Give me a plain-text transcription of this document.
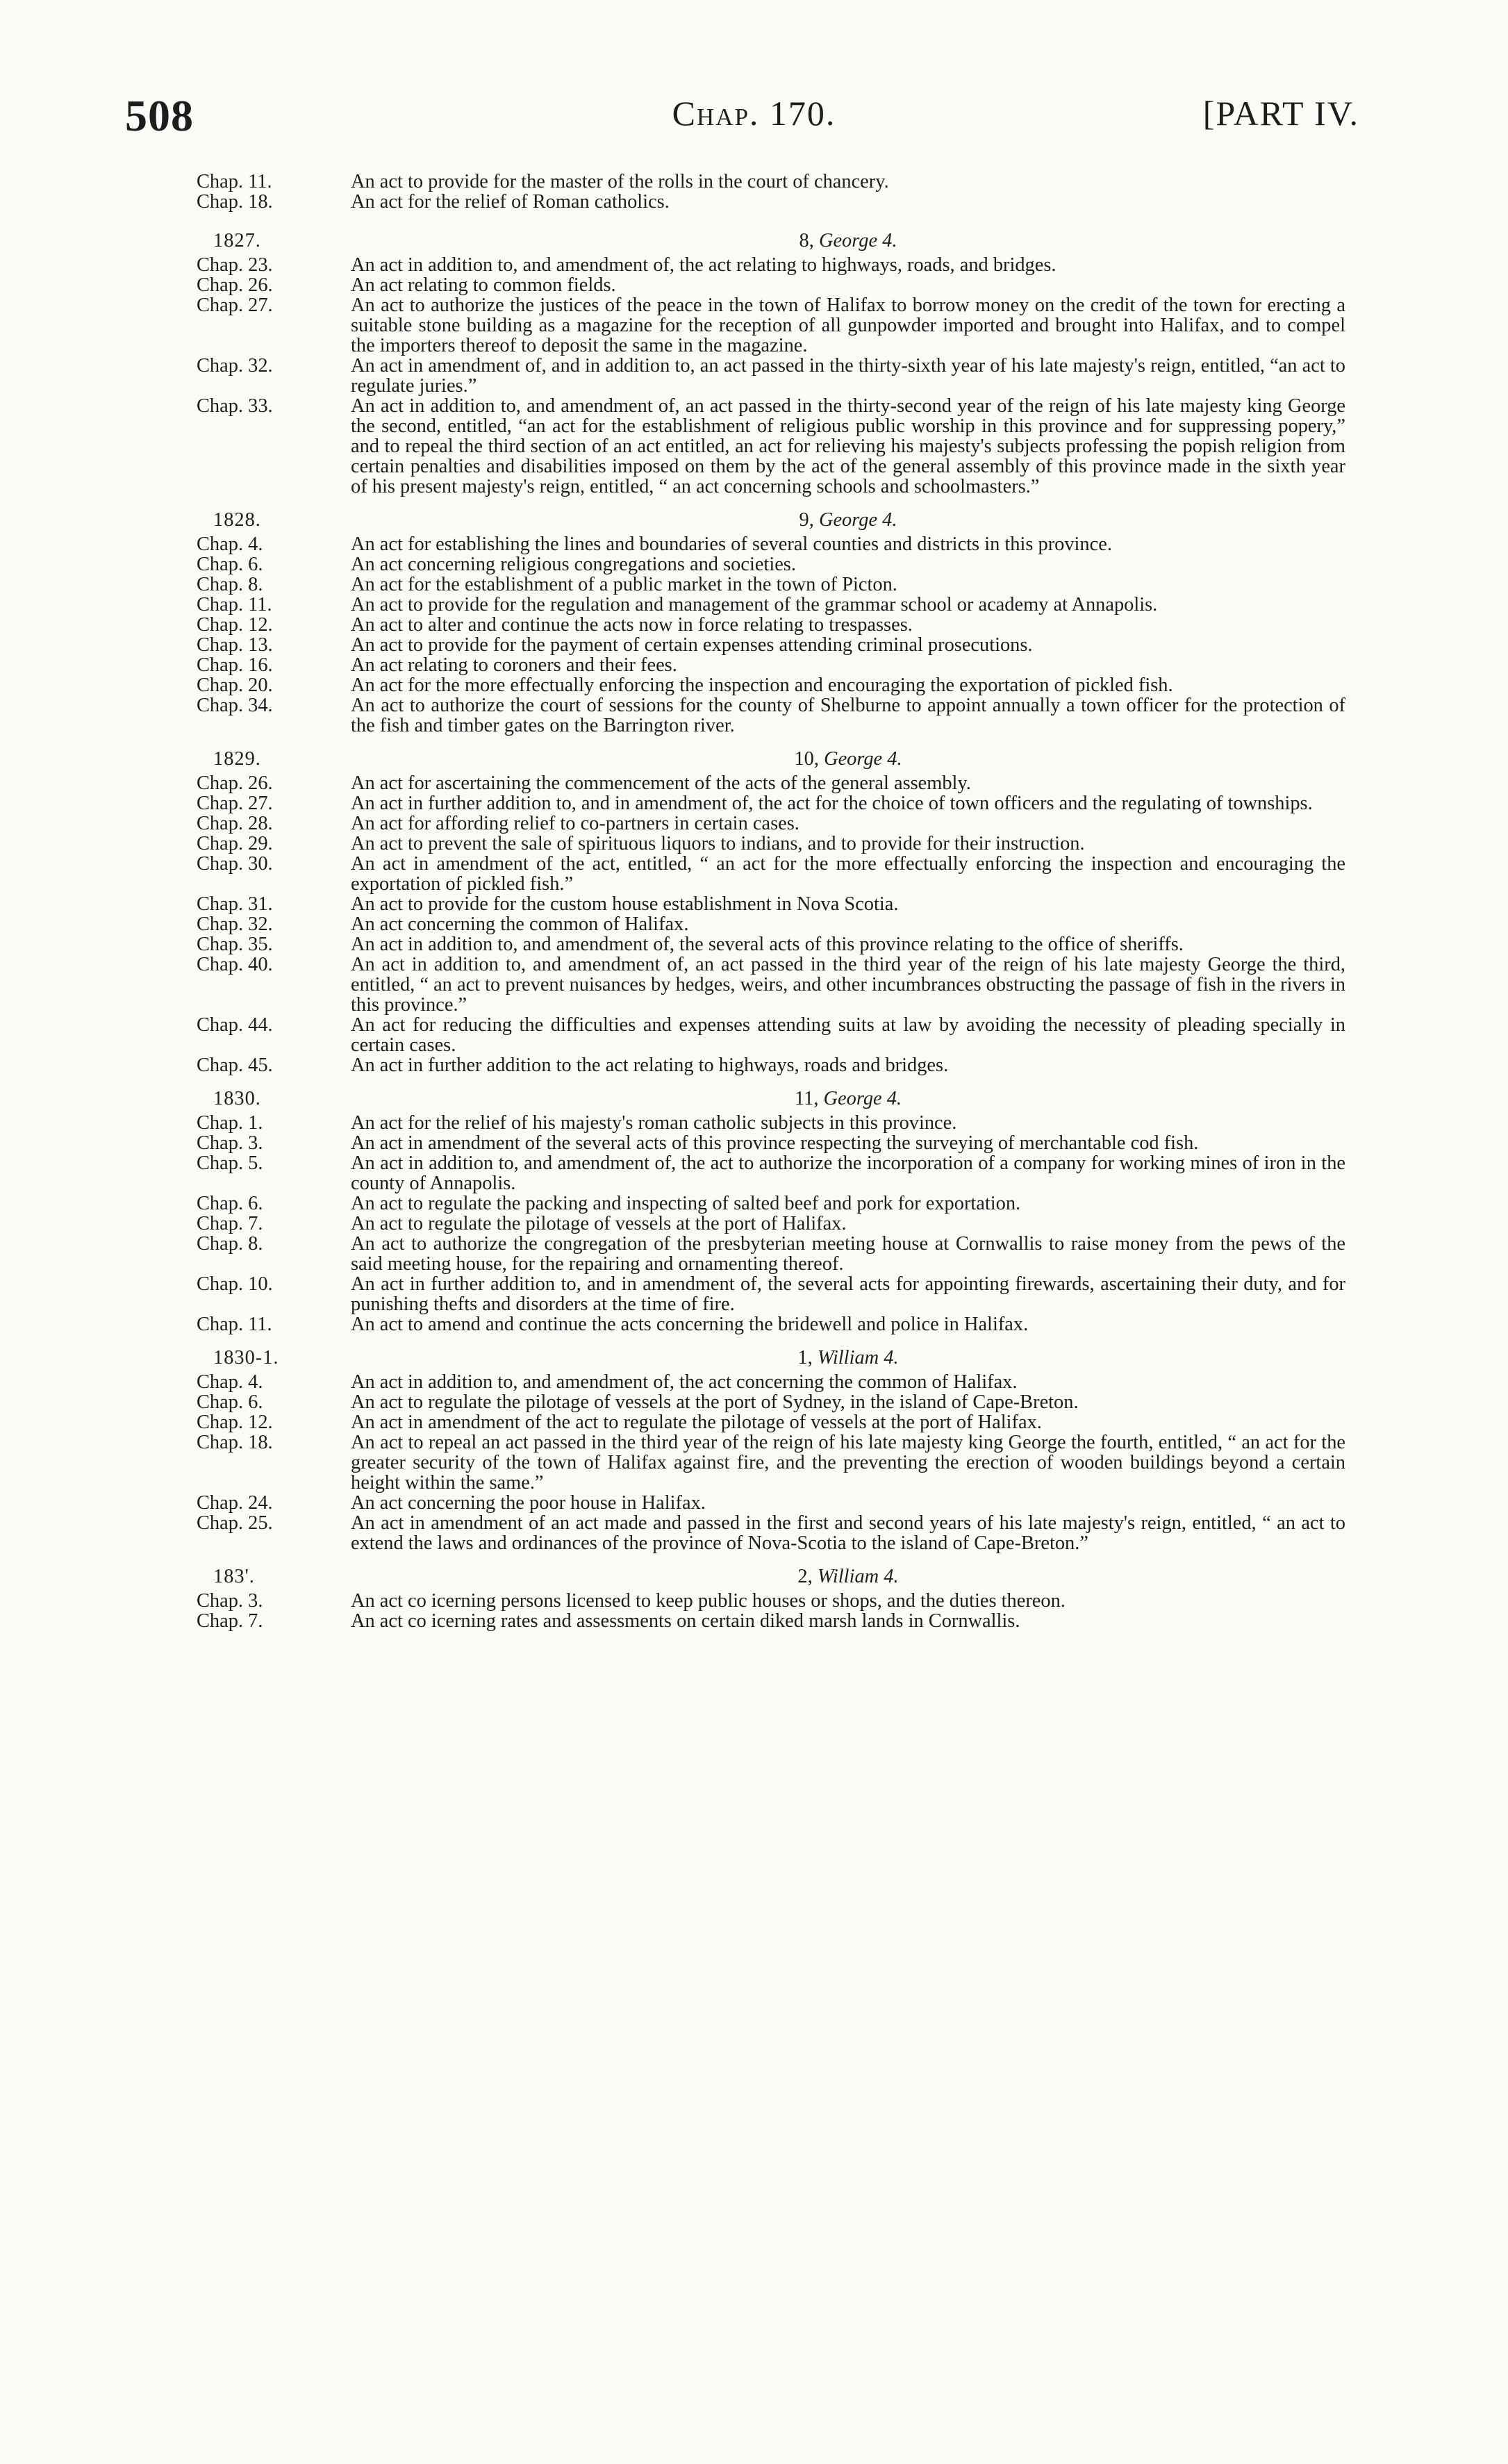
508	Chap. 170.	[PART IV.
Chap. 11.	An act to provide for the master of the rolls in the court of chancery.
Chap. 18.	An act for the relief of Roman catholics.
1827.	8, George 4.
Chap. 23.	An act in addition to, and amendment of, the act relating to highways, roads, and bridges.
Chap. 26.	An act relating to common fields.
Chap. 27.	An act to authorize the justices of the peace in the town of Halifax to borrow money on the credit of the town for erecting a suitable stone building as a magazine for the reception of all gunpowder imported and brought into Halifax, and to compel the importers thereof to deposit the same in the magazine.
Chap. 32.	An act in amendment of, and in addition to, an act passed in the thirty-sixth year of his late majesty's reign, entitled, “an act to regulate juries.”
Chap. 33.	An act in addition to, and amendment of, an act passed in the thirty-second year of the reign of his late majesty king George the second, entitled, “an act for the establishment of religious public worship in this province and for suppressing popery,” and to repeal the third section of an act entitled, an act for relieving his majesty's subjects professing the popish religion from certain penalties and disabilities imposed on them by the act of the general assembly of this province made in the sixth year of his present majesty's reign, entitled, “ an act concerning schools and schoolmasters.”
1828.	9, George 4.
Chap. 4.	An act for establishing the lines and boundaries of several counties and districts in this province.
Chap. 6.	An act concerning religious congregations and societies.
Chap. 8.	An act for the establishment of a public market in the town of Picton.
Chap. 11.	An act to provide for the regulation and management of the grammar school or academy at Annapolis.
Chap. 12.	An act to alter and continue the acts now in force relating to trespasses.
Chap. 13.	An act to provide for the payment of certain expenses attending criminal prosecutions.
Chap. 16.	An act relating to coroners and their fees.
Chap. 20.	An act for the more effectually enforcing the inspection and encouraging the exportation of pickled fish.
Chap. 34.	An act to authorize the court of sessions for the county of Shelburne to appoint annually a town officer for the protection of the fish and timber gates on the Barrington river.
1829.	10, George 4.
Chap. 26.	An act for ascertaining the commencement of the acts of the general assembly.
Chap. 27.	An act in further addition to, and in amendment of, the act for the choice of town officers and the regulating of townships.
Chap. 28.	An act for affording relief to co-partners in certain cases.
Chap. 29.	An act to prevent the sale of spirituous liquors to indians, and to provide for their instruction.
Chap. 30.	An act in amendment of the act, entitled, “ an act for the more effectually enforcing the inspection and encouraging the exportation of pickled fish.”
Chap. 31.	An act to provide for the custom house establishment in Nova Scotia.
Chap. 32.	An act concerning the common of Halifax.
Chap. 35.	An act in addition to, and amendment of, the several acts of this province relating to the office of sheriffs.
Chap. 40.	An act in addition to, and amendment of, an act passed in the third year of the reign of his late majesty George the third, entitled, “ an act to prevent nuisances by hedges, weirs, and other incumbrances obstructing the passage of fish in the rivers in this province.”
Chap. 44.	An act for reducing the difficulties and expenses attending suits at law by avoiding the necessity of pleading specially in certain cases.
Chap. 45.	An act in further addition to the act relating to highways, roads and bridges.
1830.	11, George 4.
Chap. 1.	An act for the relief of his majesty's roman catholic subjects in this province.
Chap. 3.	An act in amendment of the several acts of this province respecting the surveying of merchantable cod fish.
Chap. 5.	An act in addition to, and amendment of, the act to authorize the incorporation of a company for working mines of iron in the county of Annapolis.
Chap. 6.	An act to regulate the packing and inspecting of salted beef and pork for exportation.
Chap. 7.	An act to regulate the pilotage of vessels at the port of Halifax.
Chap. 8.	An act to authorize the congregation of the presbyterian meeting house at Cornwallis to raise money from the pews of the said meeting house, for the repairing and ornamenting thereof.
Chap. 10.	An act in further addition to, and in amendment of, the several acts for appointing firewards, ascertaining their duty, and for punishing thefts and disorders at the time of fire.
Chap. 11.	An act to amend and continue the acts concerning the bridewell and police in Halifax.
1830-1.	1, William 4.
Chap. 4.	An act in addition to, and amendment of, the act concerning the common of Halifax.
Chap. 6.	An act to regulate the pilotage of vessels at the port of Sydney, in the island of Cape-Breton.
Chap. 12.	An act in amendment of the act to regulate the pilotage of vessels at the port of Halifax.
Chap. 18.	An act to repeal an act passed in the third year of the reign of his late majesty king George the fourth, entitled, “ an act for the greater security of the town of Halifax against fire, and the preventing the erection of wooden buildings beyond a certain height within the same.”
Chap. 24.	An act concerning the poor house in Halifax.
Chap. 25.	An act in amendment of an act made and passed in the first and second years of his late majesty's reign, entitled, “ an act to extend the laws and ordinances of the province of Nova-Scotia to the island of Cape-Breton.”
183'.	2, William 4.
Chap. 3.	An act co icerning persons licensed to keep public houses or shops, and the duties thereon.
Chap. 7.	An act co icerning rates and assessments on certain diked marsh lands in Cornwallis.
